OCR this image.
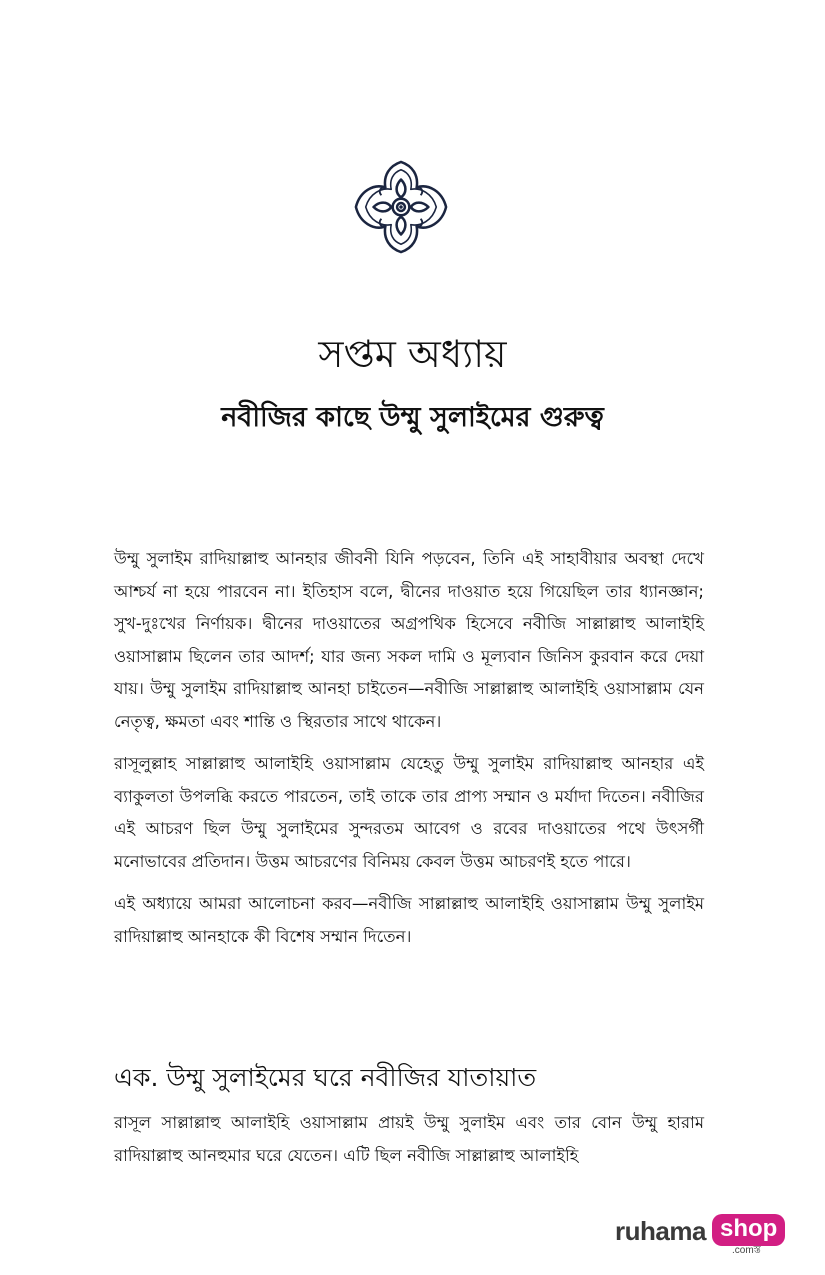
সপ্তম অধ্যায়
নবীজির কাছে উম্মু সুলাইমের গুরুত্ব

উম্মু সুলাইম রাদিয়াল্লাহু আনহার জীবনী যিনি পড়বেন, তিনি এই সাহাবীয়ার অবস্থা দেখে আশ্চর্য না হয়ে পারবেন না। ইতিহাস বলে, দ্বীনের দাওয়াত হয়ে গিয়েছিল তার ধ্যানজ্ঞান; সুখ-দুঃখের নির্ণায়ক। দ্বীনের দাওয়াতের অগ্রপথিক হিসেবে নবীজি সাল্লাল্লাহু আলাইহি ওয়াসাল্লাম ছিলেন তার আদর্শ; যার জন্য সকল দামি ও মূল্যবান জিনিস কুরবান করে দেয়া যায়। উম্মু সুলাইম রাদিয়াল্লাহু আনহা চাইতেন—নবীজি সাল্লাল্লাহু আলাইহি ওয়াসাল্লাম যেন নেতৃত্ব, ক্ষমতা এবং শান্তি ও স্থিরতার সাথে থাকেন।

রাসূলুল্লাহ সাল্লাল্লাহু আলাইহি ওয়াসাল্লাম যেহেতু উম্মু সুলাইম রাদিয়াল্লাহু আনহার এই ব্যাকুলতা উপলব্ধি করতে পারতেন, তাই তাকে তার প্রাপ্য সম্মান ও মর্যাদা দিতেন। নবীজির এই আচরণ ছিল উম্মু সুলাইমের সুন্দরতম আবেগ ও রবের দাওয়াতের পথে উৎসর্গী মনোভাবের প্রতিদান। উত্তম আচরণের বিনিময় কেবল উত্তম আচরণই হতে পারে।

এই অধ্যায়ে আমরা আলোচনা করব—নবীজি সাল্লাল্লাহু আলাইহি ওয়াসাল্লাম উম্মু সুলাইম রাদিয়াল্লাহু আনহাকে কী বিশেষ সম্মান দিতেন।

এক. উম্মু সুলাইমের ঘরে নবীজির যাতায়াত

রাসূল সাল্লাল্লাহু আলাইহি ওয়াসাল্লাম প্রায়ই উম্মু সুলাইম এবং তার বোন উম্মু হারাম রাদিয়াল্লাহু আনহুমার ঘরে যেতেন। এটি ছিল নবীজি সাল্লাল্লাহু আলাইহি

ruhama shop
.comস্ত
